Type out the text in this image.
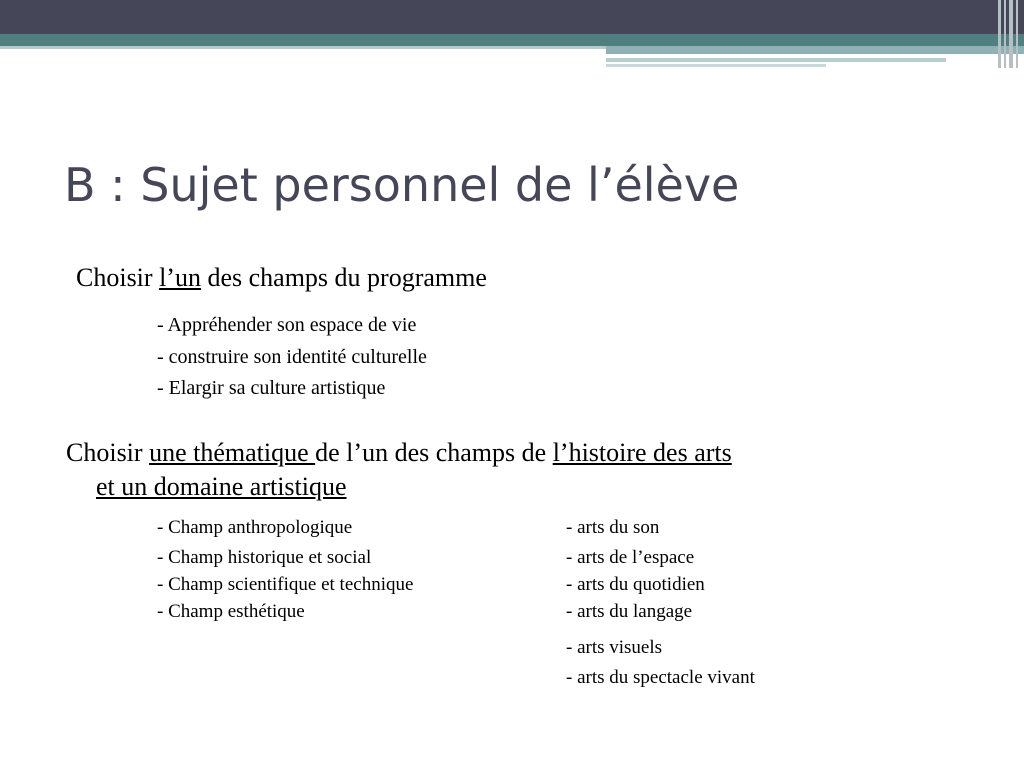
B : Sujet personnel de l’élève
Choisir l’un des champs du programme
- Appréhender son espace de vie
- construire son identité culturelle
- Elargir sa culture artistique
Choisir une thématique de l’un des champs de l’histoire des arts
et un domaine artistique
- Champ anthropologique
- Champ historique et social
- Champ scientifique et technique
- Champ esthétique
- arts du son
- arts de l’espace
- arts du quotidien
- arts du langage
- arts visuels
- arts du spectacle vivant
